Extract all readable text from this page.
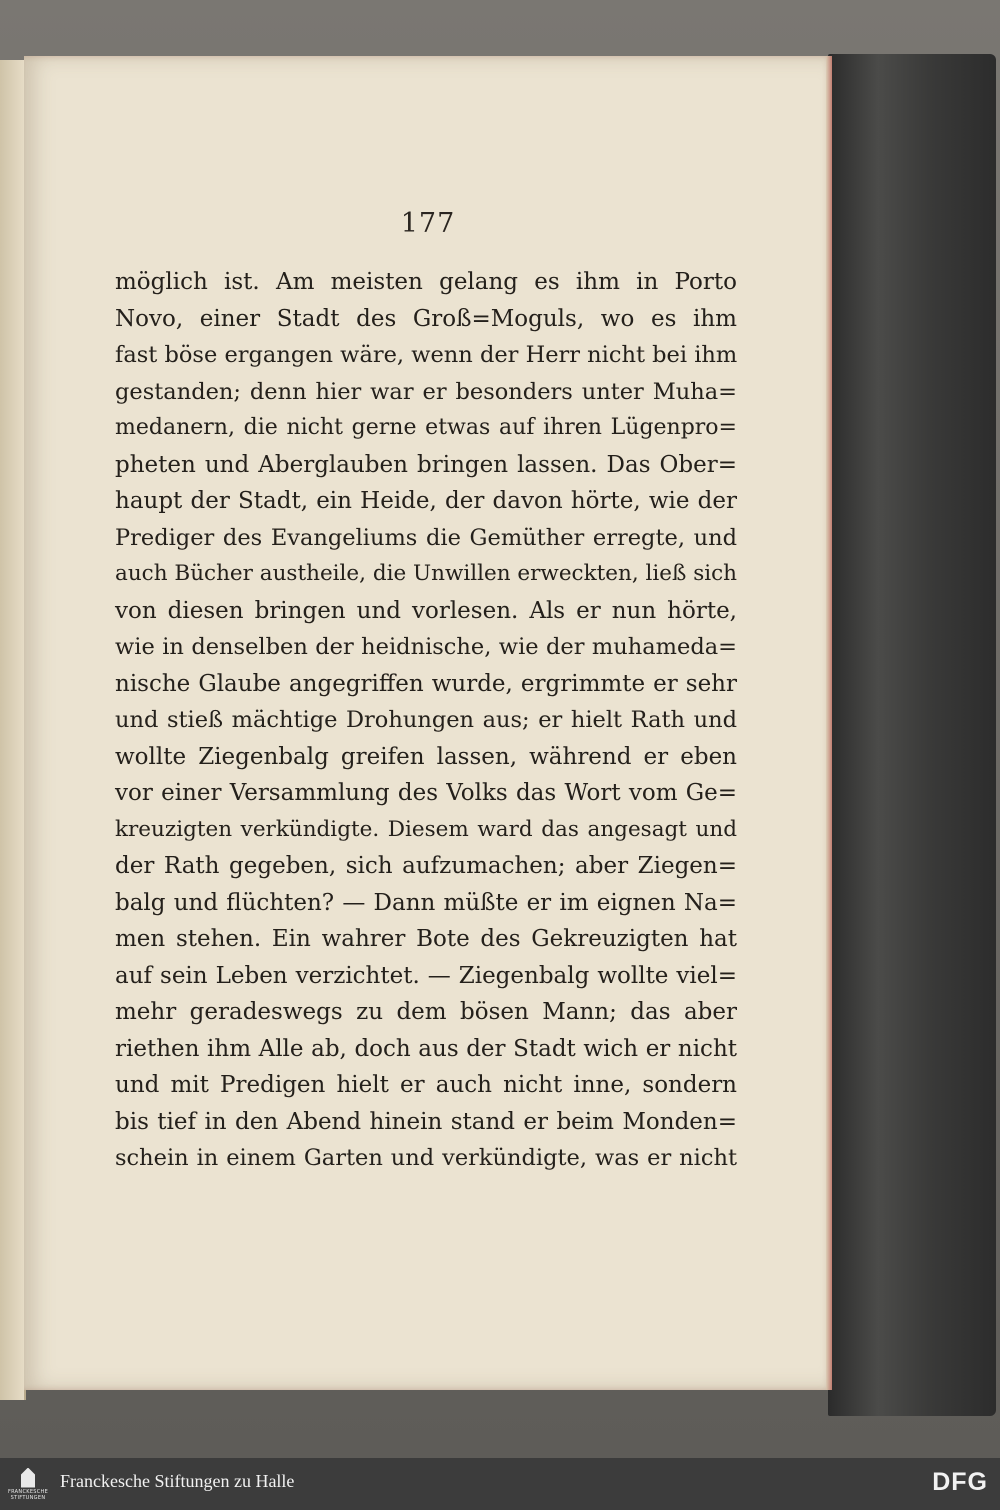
177
möglich ist. Am meisten gelang es ihm in Porto
Novo, einer Stadt des Groß=Moguls, wo es ihm
fast böse ergangen wäre, wenn der Herr nicht bei ihm
gestanden; denn hier war er besonders unter Muha=
medanern, die nicht gerne etwas auf ihren Lügenpro=
pheten und Aberglauben bringen lassen. Das Ober=
haupt der Stadt, ein Heide, der davon hörte, wie der
Prediger des Evangeliums die Gemüther erregte, und
auch Bücher austheile, die Unwillen erweckten, ließ sich
von diesen bringen und vorlesen. Als er nun hörte,
wie in denselben der heidnische, wie der muhameda=
nische Glaube angegriffen wurde, ergrimmte er sehr
und stieß mächtige Drohungen aus; er hielt Rath und
wollte Ziegenbalg greifen lassen, während er eben
vor einer Versammlung des Volks das Wort vom Ge=
kreuzigten verkündigte. Diesem ward das angesagt und
der Rath gegeben, sich aufzumachen; aber Ziegen=
balg und flüchten? — Dann müßte er im eignen Na=
men stehen. Ein wahrer Bote des Gekreuzigten hat
auf sein Leben verzichtet. — Ziegenbalg wollte viel=
mehr geradeswegs zu dem bösen Mann; das aber
riethen ihm Alle ab, doch aus der Stadt wich er nicht
und mit Predigen hielt er auch nicht inne, sondern
bis tief in den Abend hinein stand er beim Monden=
schein in einem Garten und verkündigte, was er nicht
FRANCKESCHE
STIFTUNGEN
Franckesche Stiftungen zu Halle	DFG
